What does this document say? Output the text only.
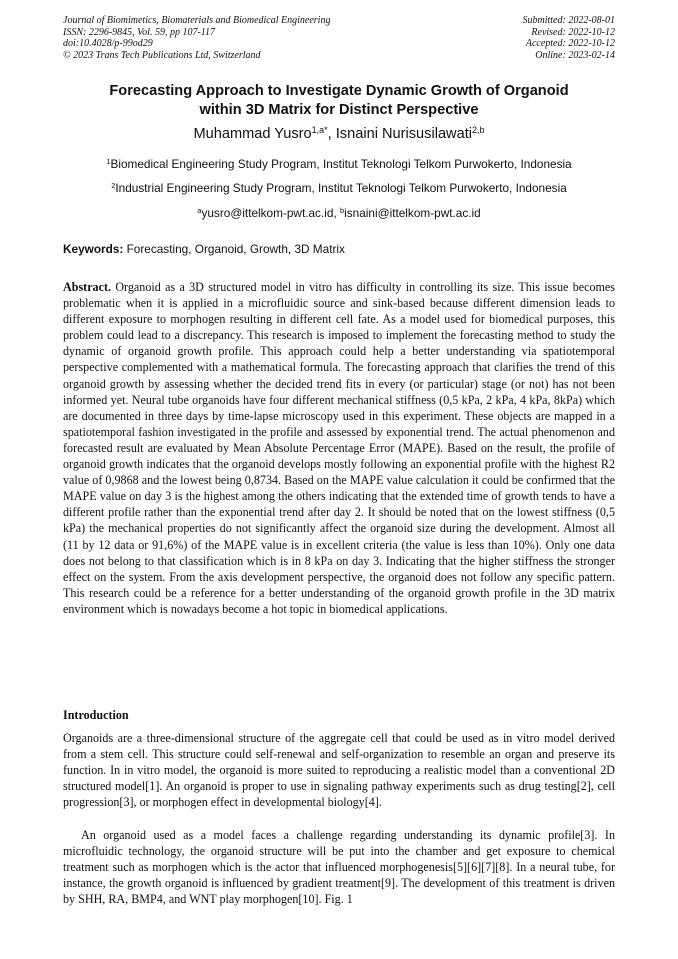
Journal of Biomimetics, Biomaterials and Biomedical Engineering
ISSN: 2296-9845, Vol. 59, pp 107-117
doi:10.4028/p-99od29
© 2023 Trans Tech Publications Ltd, Switzerland
Submitted: 2022-08-01
Revised: 2022-10-12
Accepted: 2022-10-12
Online: 2023-02-14
Forecasting Approach to Investigate Dynamic Growth of Organoid
within 3D Matrix for Distinct Perspective
Muhammad Yusro$^{1,a*}$, Isnaini Nurisusilawati$^{2,b}$
$^1$Biomedical Engineering Study Program, Institut Teknologi Telkom Purwokerto, Indonesia
$^2$Industrial Engineering Study Program, Institut Teknologi Telkom Purwokerto, Indonesia
$^a$yusro@ittelkom-pwt.ac.id, $^b$isnaini@ittelkom-pwt.ac.id
Keywords: Forecasting, Organoid, Growth, 3D Matrix

Abstract. Organoid as a 3D structured model in vitro has difficulty in controlling its size. This issue becomes problematic when it is applied in a microfluidic source and sink-based because different dimension leads to different exposure to morphogen resulting in different cell fate. As a model used for biomedical purposes, this problem could lead to a discrepancy. This research is imposed to implement the forecasting method to study the dynamic of organoid growth profile. This approach could help a better understanding via spatiotemporal perspective complemented with a mathematical formula. The forecasting approach that clarifies the trend of this organoid growth by assessing whether the decided trend fits in every (or particular) stage (or not) has not been informed yet. Neural tube organoids have four different mechanical stiffness (0,5 kPa, 2 kPa, 4 kPa, 8kPa) which are documented in three days by time-lapse microscopy used in this experiment. These objects are mapped in a spatiotemporal fashion investigated in the profile and assessed by exponential trend. The actual phenomenon and forecasted result are evaluated by Mean Absolute Percentage Error (MAPE). Based on the result, the profile of organoid growth indicates that the organoid develops mostly following an exponential profile with the highest R2 value of 0,9868 and the lowest being 0,8734. Based on the MAPE value calculation it could be confirmed that the MAPE value on day 3 is the highest among the others indicating that the extended time of growth tends to have a different profile rather than the exponential trend after day 2. It should be noted that on the lowest stiffness (0,5 kPa) the mechanical properties do not significantly affect the organoid size during the development. Almost all (11 by 12 data or 91,6%) of the MAPE value is in excellent criteria (the value is less than 10%). Only one data does not belong to that classification which is in 8 kPa on day 3. Indicating that the higher stiffness the stronger effect on the system. From the axis development perspective, the organoid does not follow any specific pattern. This research could be a reference for a better understanding of the organoid growth profile in the 3D matrix environment which is nowadays become a hot topic in biomedical applications.

Introduction

Organoids are a three-dimensional structure of the aggregate cell that could be used as in vitro model derived from a stem cell. This structure could self-renewal and self-organization to resemble an organ and preserve its function. In in vitro model, the organoid is more suited to reproducing a realistic model than a conventional 2D structured model[1]. An organoid is proper to use in signaling pathway experiments such as drug testing[2], cell progression[3], or morphogen effect in developmental biology[4].

An organoid used as a model faces a challenge regarding understanding its dynamic profile[3]. In microfluidic technology, the organoid structure will be put into the chamber and get exposure to chemical treatment such as morphogen which is the actor that influenced morphogenesis[5][6][7][8]. In a neural tube, for instance, the growth organoid is influenced by gradient treatment[9]. The development of this treatment is driven by SHH, RA, BMP4, and WNT play morphogen[10]. Fig. 1
